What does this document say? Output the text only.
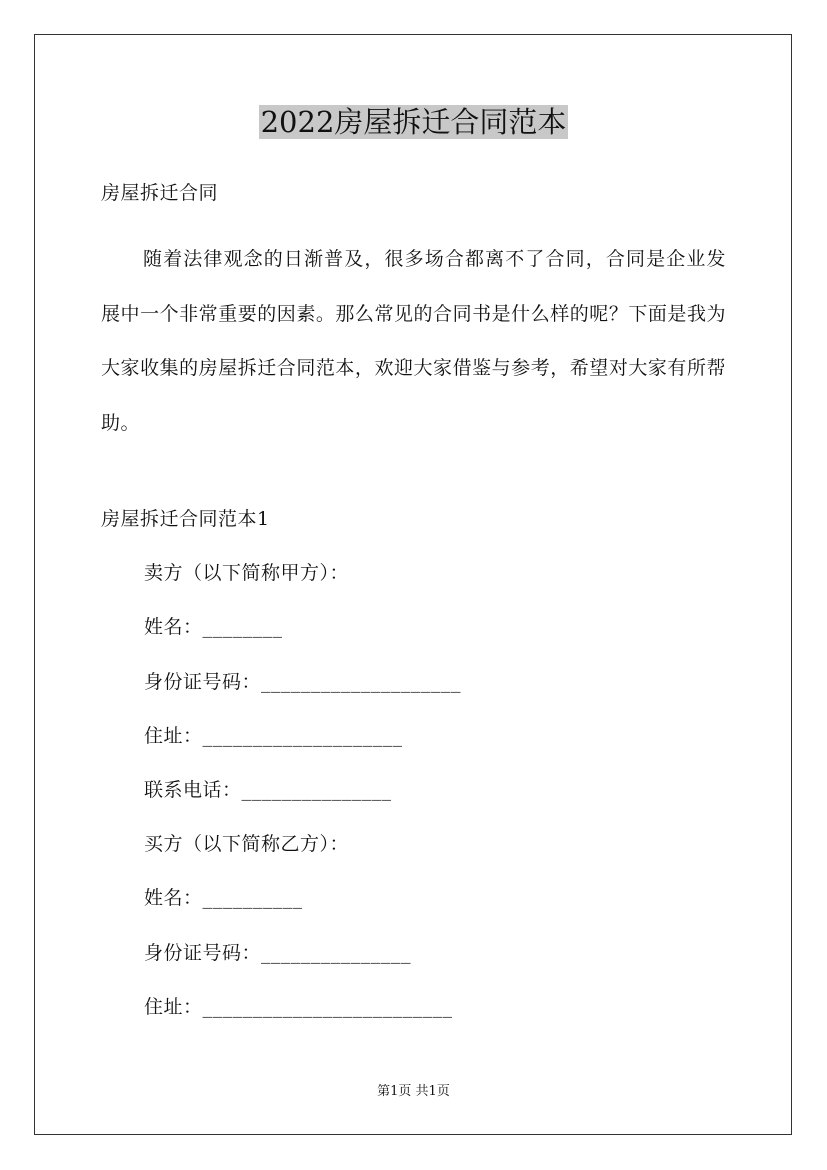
2022房屋拆迁合同范本
房屋拆迁合同
随着法律观念的日渐普及，很多场合都离不了合同，合同是企业发展中一个非常重要的因素。那么常见的合同书是什么样的呢？下面是我为大家收集的房屋拆迁合同范本，欢迎大家借鉴与参考，希望对大家有所帮助。
房屋拆迁合同范本1
卖方（以下简称甲方）：
姓名：________
身份证号码：____________________
住址：____________________
联系电话：_______________
买方（以下简称乙方）：
姓名：__________
身份证号码：_______________
住址：_________________________
第1页 共1页
